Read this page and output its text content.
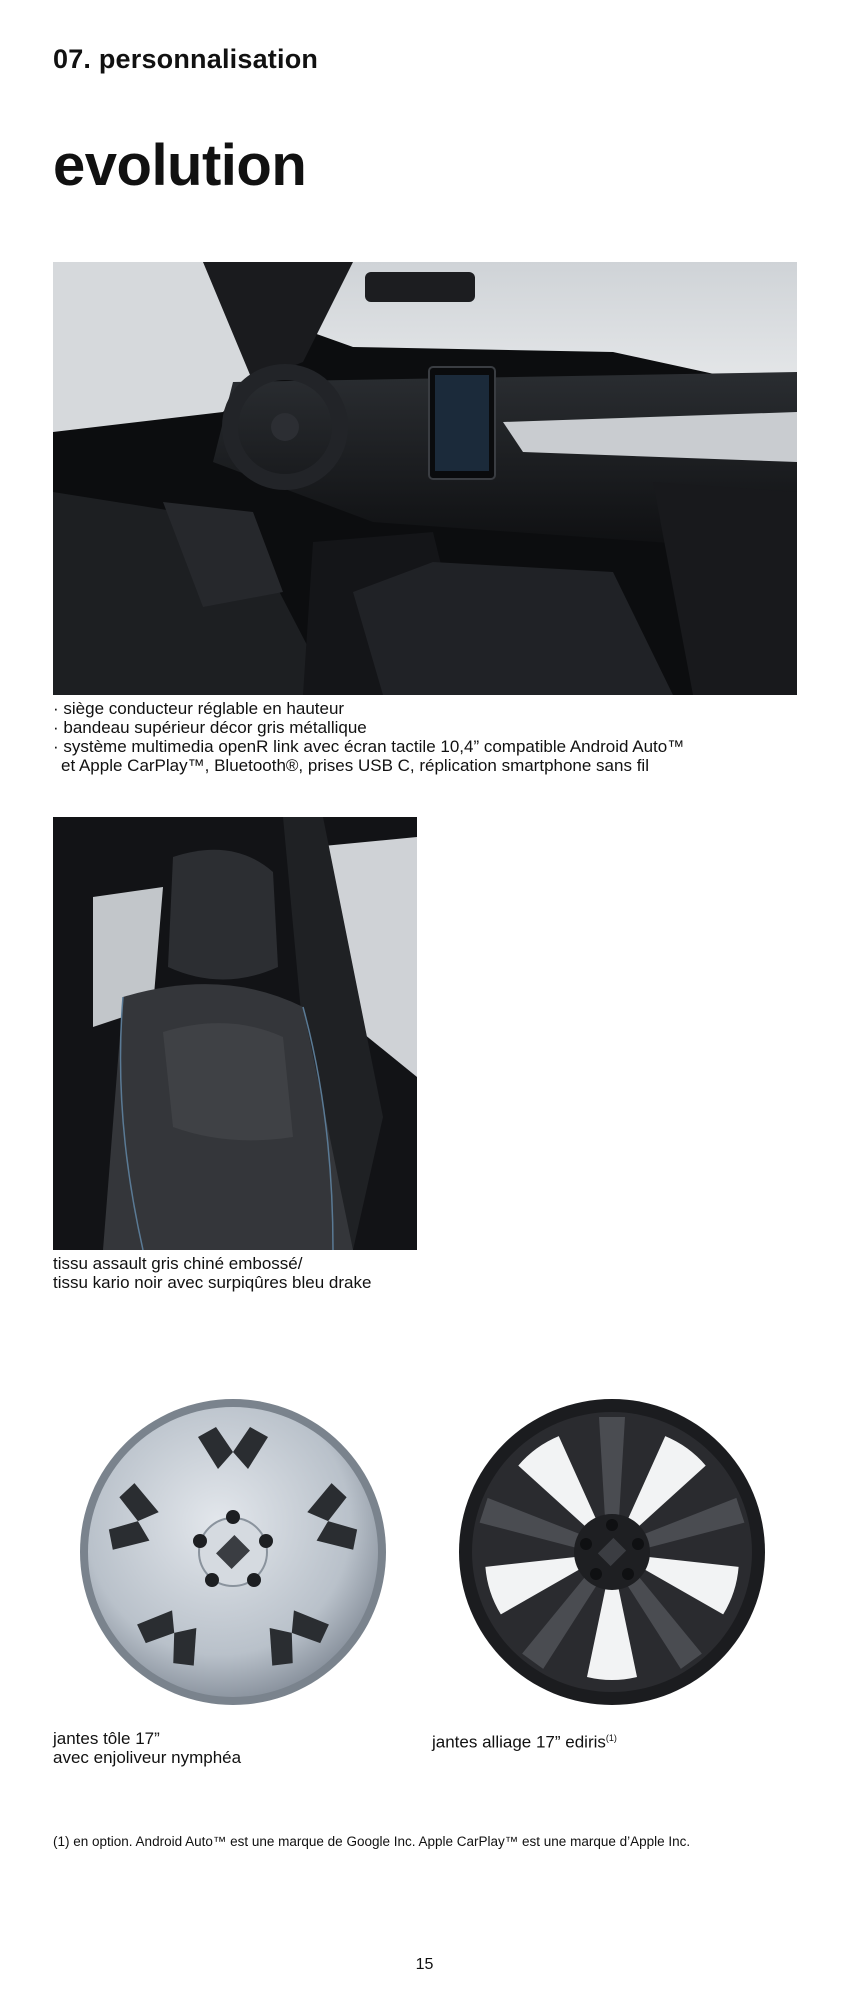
07. personnalisation
evolution
· siège conducteur réglable en hauteur
· bandeau supérieur décor gris métallique
· système multimedia openR link avec écran tactile 10,4” compatible Android Auto™
et Apple CarPlay™, Bluetooth®, prises USB C, réplication smartphone sans fil
tissu assault gris chiné embossé/
tissu kario noir avec surpiqûres bleu drake
jantes tôle 17”
avec enjoliveur nymphéa
jantes alliage 17” ediris$^{(1)}$
(1) en option. Android Auto™ est une marque de Google Inc. Apple CarPlay™ est une marque d’Apple Inc.
15
